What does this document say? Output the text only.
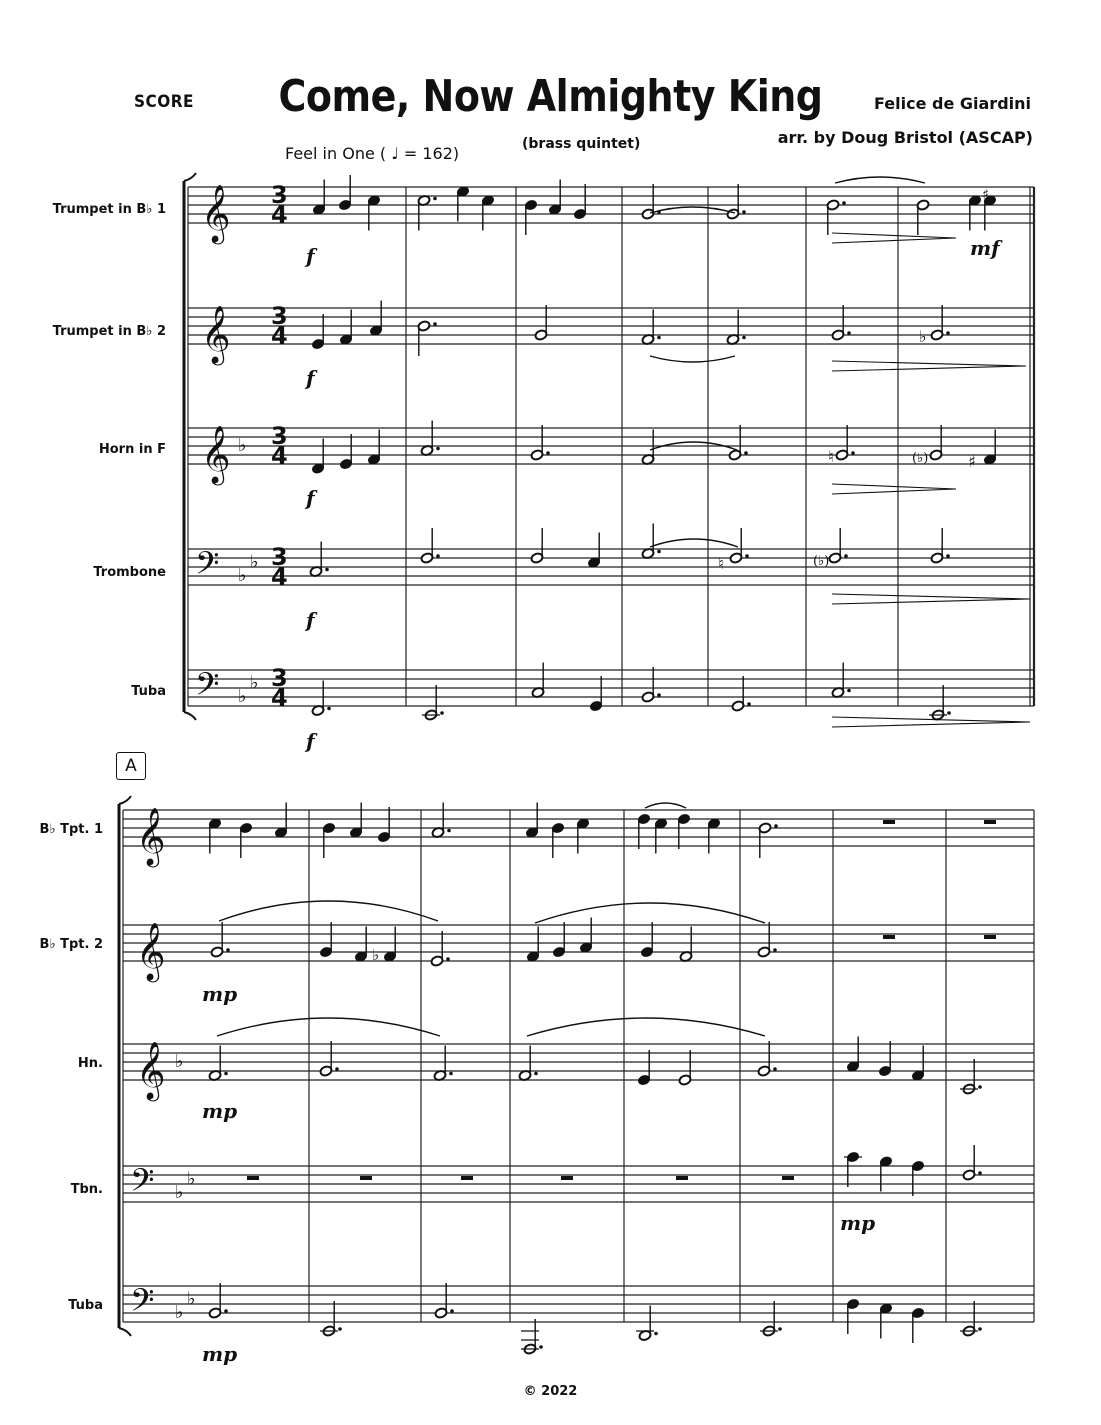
SCORE	Come, Now Almighty King	Felice de Giardini
arr. by Doug Bristol (ASCAP)
(brass quintet)
Feel in One ( ♩ = 162)
Trumpet in B♭ 1
Trumpet in B♭ 2
Horn in F
Trombone
Tuba
A
B♭ Tpt. 1
B♭ Tpt. 2
Hn.
Tbn.
Tuba
𝄞 3
4
𝄞 3
4
𝄞 ♭ 3
4
𝄢 ♭
♭ 3
4
𝄢 ♭
♭ 3
4
♯
♭
♮	(♭) ♯
♮	(♭)
f
f
f
f
f
mf
𝄞
𝄞
𝄞 ♭
𝄢 ♭
♭
𝄢 ♭
♭
♭
mp
mp
mp
mp
© 2022
